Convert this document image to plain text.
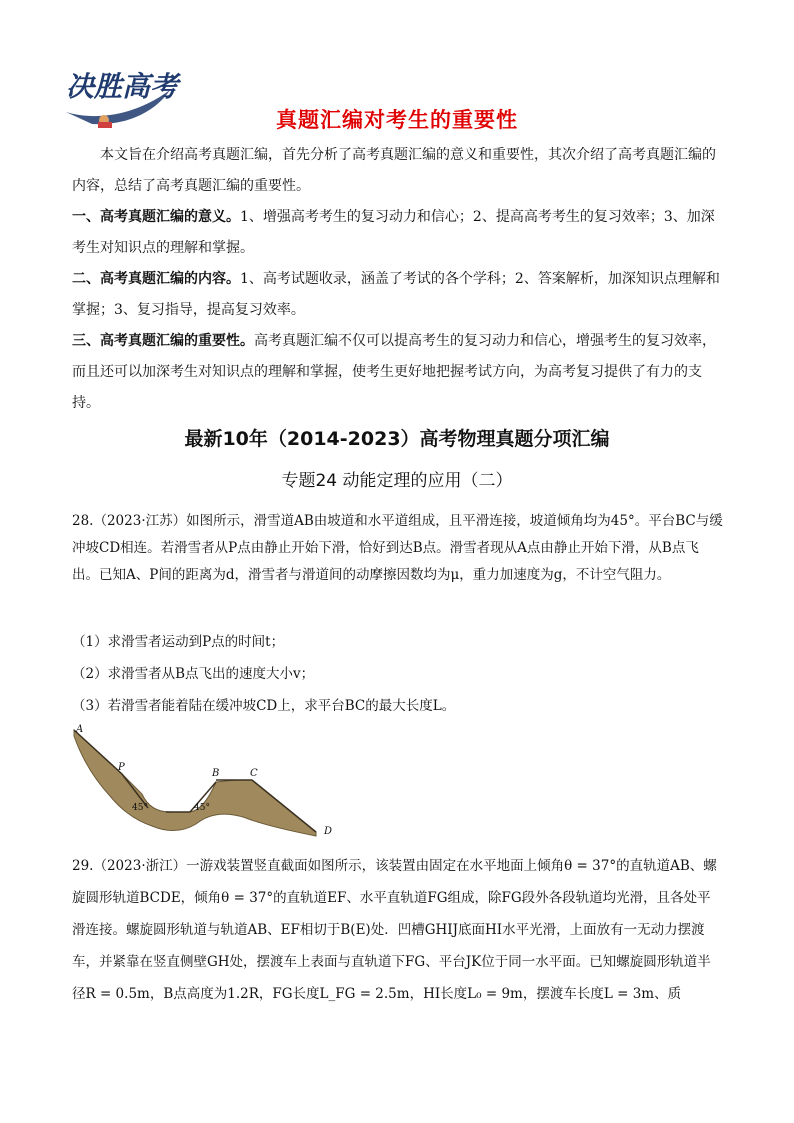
决胜高考
真题汇编对考生的重要性

本文旨在介绍高考真题汇编，首先分析了高考真题汇编的意义和重要性，其次介绍了高考真题汇编的内容，总结了高考真题汇编的重要性。

一、高考真题汇编的意义。1、增强高考考生的复习动力和信心；2、提高高考考生的复习效率；3、加深考生对知识点的理解和掌握。

二、高考真题汇编的内容。1、高考试题收录，涵盖了考试的各个学科；2、答案解析，加深知识点理解和掌握；3、复习指导，提高复习效率。

三、高考真题汇编的重要性。高考真题汇编不仅可以提高考生的复习动力和信心，增强考生的复习效率，而且还可以加深考生对知识点的理解和掌握，使考生更好地把握考试方向，为高考复习提供了有力的支持。

最新10年（2014-2023）高考物理真题分项汇编
专题24 动能定理的应用（二）

28.（2023·江苏）如图所示，滑雪道AB由坡道和水平道组成，且平滑连接，坡道倾角均为45°。平台BC与缓冲坡CD相连。若滑雪者从P点由静止开始下滑，恰好到达B点。滑雪者现从A点由静止开始下滑，从B点飞出。已知A、P间的距离为d，滑雪者与滑道间的动摩擦因数均为μ，重力加速度为g，不计空气阻力。

（1）求滑雪者运动到P点的时间t；

（2）求滑雪者从B点飞出的速度大小v；

（3）若滑雪者能着陆在缓冲坡CD上，求平台BC的最大长度L。

A
P
B	C
D
45°	45°

29.（2023·浙江）一游戏装置竖直截面如图所示，该装置由固定在水平地面上倾角θ = 37°的直轨道AB、螺旋圆形轨道BCDE，倾角θ = 37°的直轨道EF、水平直轨道FG组成，除FG段外各段轨道均光滑，且各处平滑连接。螺旋圆形轨道与轨道AB、EF相切于B(E)处．凹槽GHIJ底面HI水平光滑，上面放有一无动力摆渡车，并紧靠在竖直侧壁GH处，摆渡车上表面与直轨道下FG、平台JK位于同一水平面。已知螺旋圆形轨道半径R = 0.5m，B点高度为1.2R，FG长度L_FG = 2.5m，HI长度L₀ = 9m，摆渡车长度L = 3m、质
